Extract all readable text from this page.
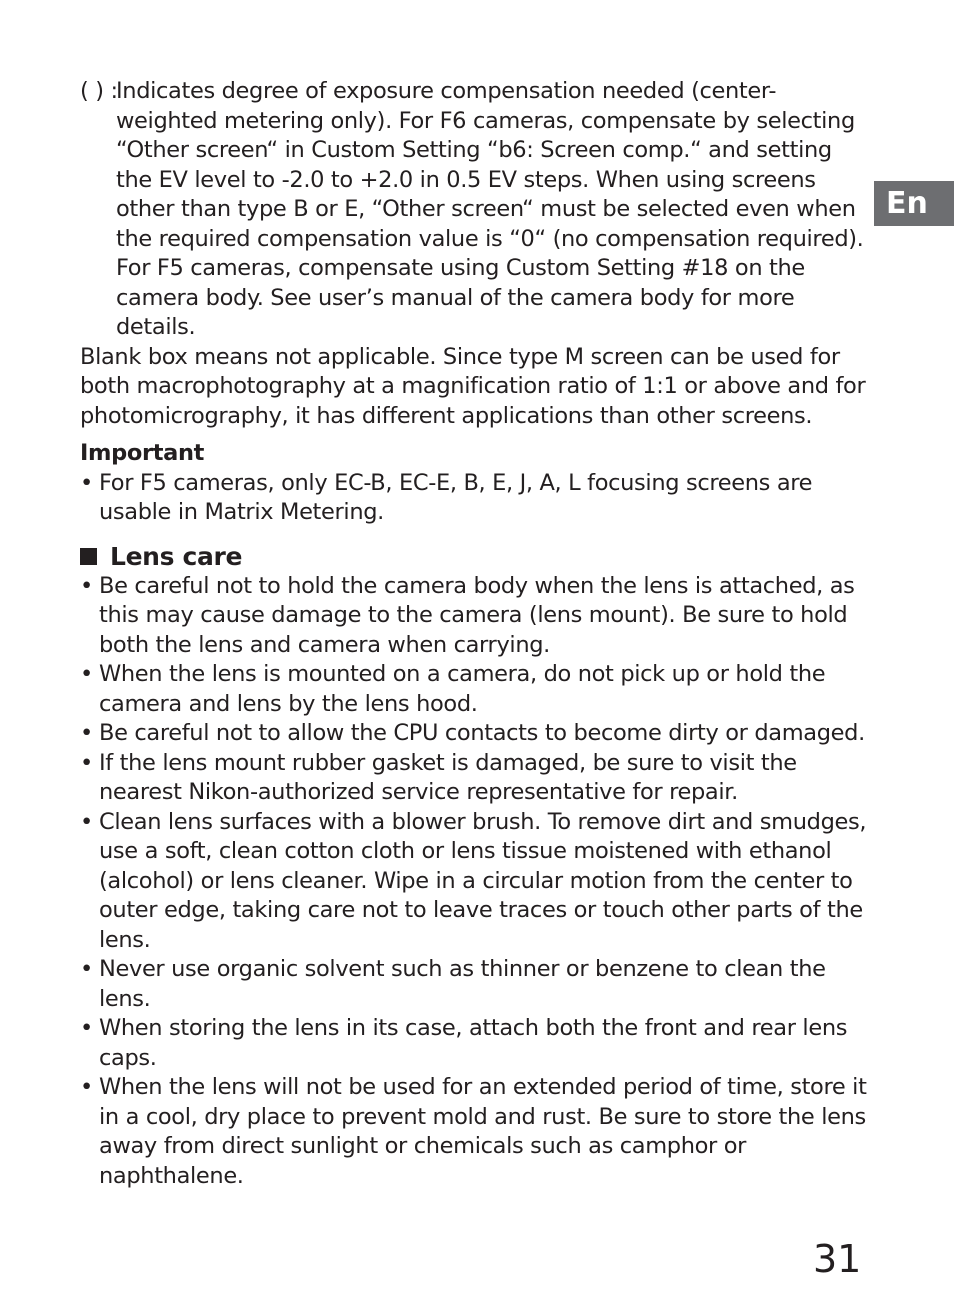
En
( ) :
Indicates degree of exposure compensation needed (center-weighted metering only). For F6 cameras, compensate by selecting “Other screen“ in Custom Setting “b6: Screen comp.“ and setting the EV level to -2.0 to +2.0 in 0.5 EV steps. When using screens other than type B or E, “Other screen“ must be selected even when the required compensation value is “0“ (no compensation required). For F5 cameras, compensate using Custom Setting #18 on the camera body. See user’s manual of the camera body for more details.

Blank box means not applicable. Since type M screen can be used for both macrophotography at a magnification ratio of 1:1 or above and for photomicrography, it has different applications than other screens.

Important
• For F5 cameras, only EC-B, EC-E, B, E, J, A, L focusing screens are usable in Matrix Metering.
Lens care
• Be careful not to hold the camera body when the lens is attached, as this may cause damage to the camera (lens mount). Be sure to hold both the lens and camera when carrying.
• When the lens is mounted on a camera, do not pick up or hold the camera and lens by the lens hood.
• Be careful not to allow the CPU contacts to become dirty or damaged.
• If the lens mount rubber gasket is damaged, be sure to visit the nearest Nikon-authorized service representative for repair.
• Clean lens surfaces with a blower brush. To remove dirt and smudges, use a soft, clean cotton cloth or lens tissue moistened with ethanol (alcohol) or lens cleaner. Wipe in a circular motion from the center to outer edge, taking care not to leave traces or touch other parts of the lens.
• Never use organic solvent such as thinner or benzene to clean the lens.
• When storing the lens in its case, attach both the front and rear lens caps.
• When the lens will not be used for an extended period of time, store it in a cool, dry place to prevent mold and rust. Be sure to store the lens away from direct sunlight or chemicals such as camphor or naphthalene.
31
